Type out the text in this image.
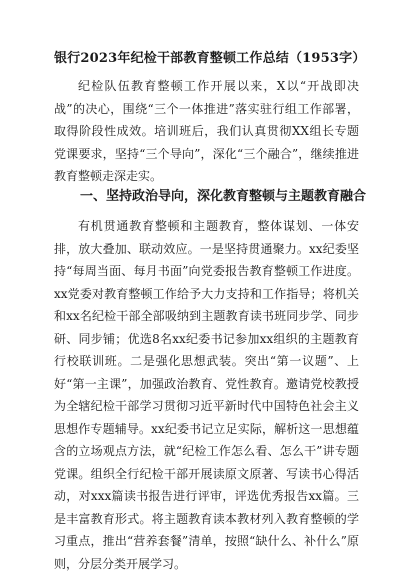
银行2023年纪检干部教育整顿工作总结（1953字）

纪检队伍教育整顿工作开展以来，X以“开战即决战”的决心，围绕“三个一体推进”落实驻行组工作部署，取得阶段性成效。培训班后，我们认真贯彻XX组长专题党课要求，坚持“三个导向”，深化“三个融合”，继续推进教育整顿走深走实。

一、坚持政治导向，深化教育整顿与主题教育融合

有机贯通教育整顿和主题教育，整体谋划、一体安排，放大叠加、联动效应。一是坚持贯通聚力。xx纪委坚持“每周当面、每月书面”向党委报告教育整顿工作进度。xx党委对教育整顿工作给予大力支持和工作指导；将机关和xx名纪检干部全部吸纳到主题教育读书班同步学、同步研、同步铺；优选8名xx纪委书记参加xx组织的主题教育行校联训班。二是强化思想武装。突出“第一议题”、上好“第一主课”，加强政治教育、党性教育。邀请党校教授为全辖纪检干部学习贯彻习近平新时代中国特色社会主义思想作专题辅导。xx纪委书记立足实际，解析这一思想蕴含的立场观点方法，就“纪检工作怎么看、怎么干”讲专题党课。组织全行纪检干部开展读原文原著、写读书心得活动，对xxx篇读书报告进行评审，评选优秀报告xx篇。三是丰富教育形式。将主题教育读本教材列入教育整顿的学习重点，推出“营养套餐”清单，按照“缺什么、补什么”原则，分层分类开展学习。
